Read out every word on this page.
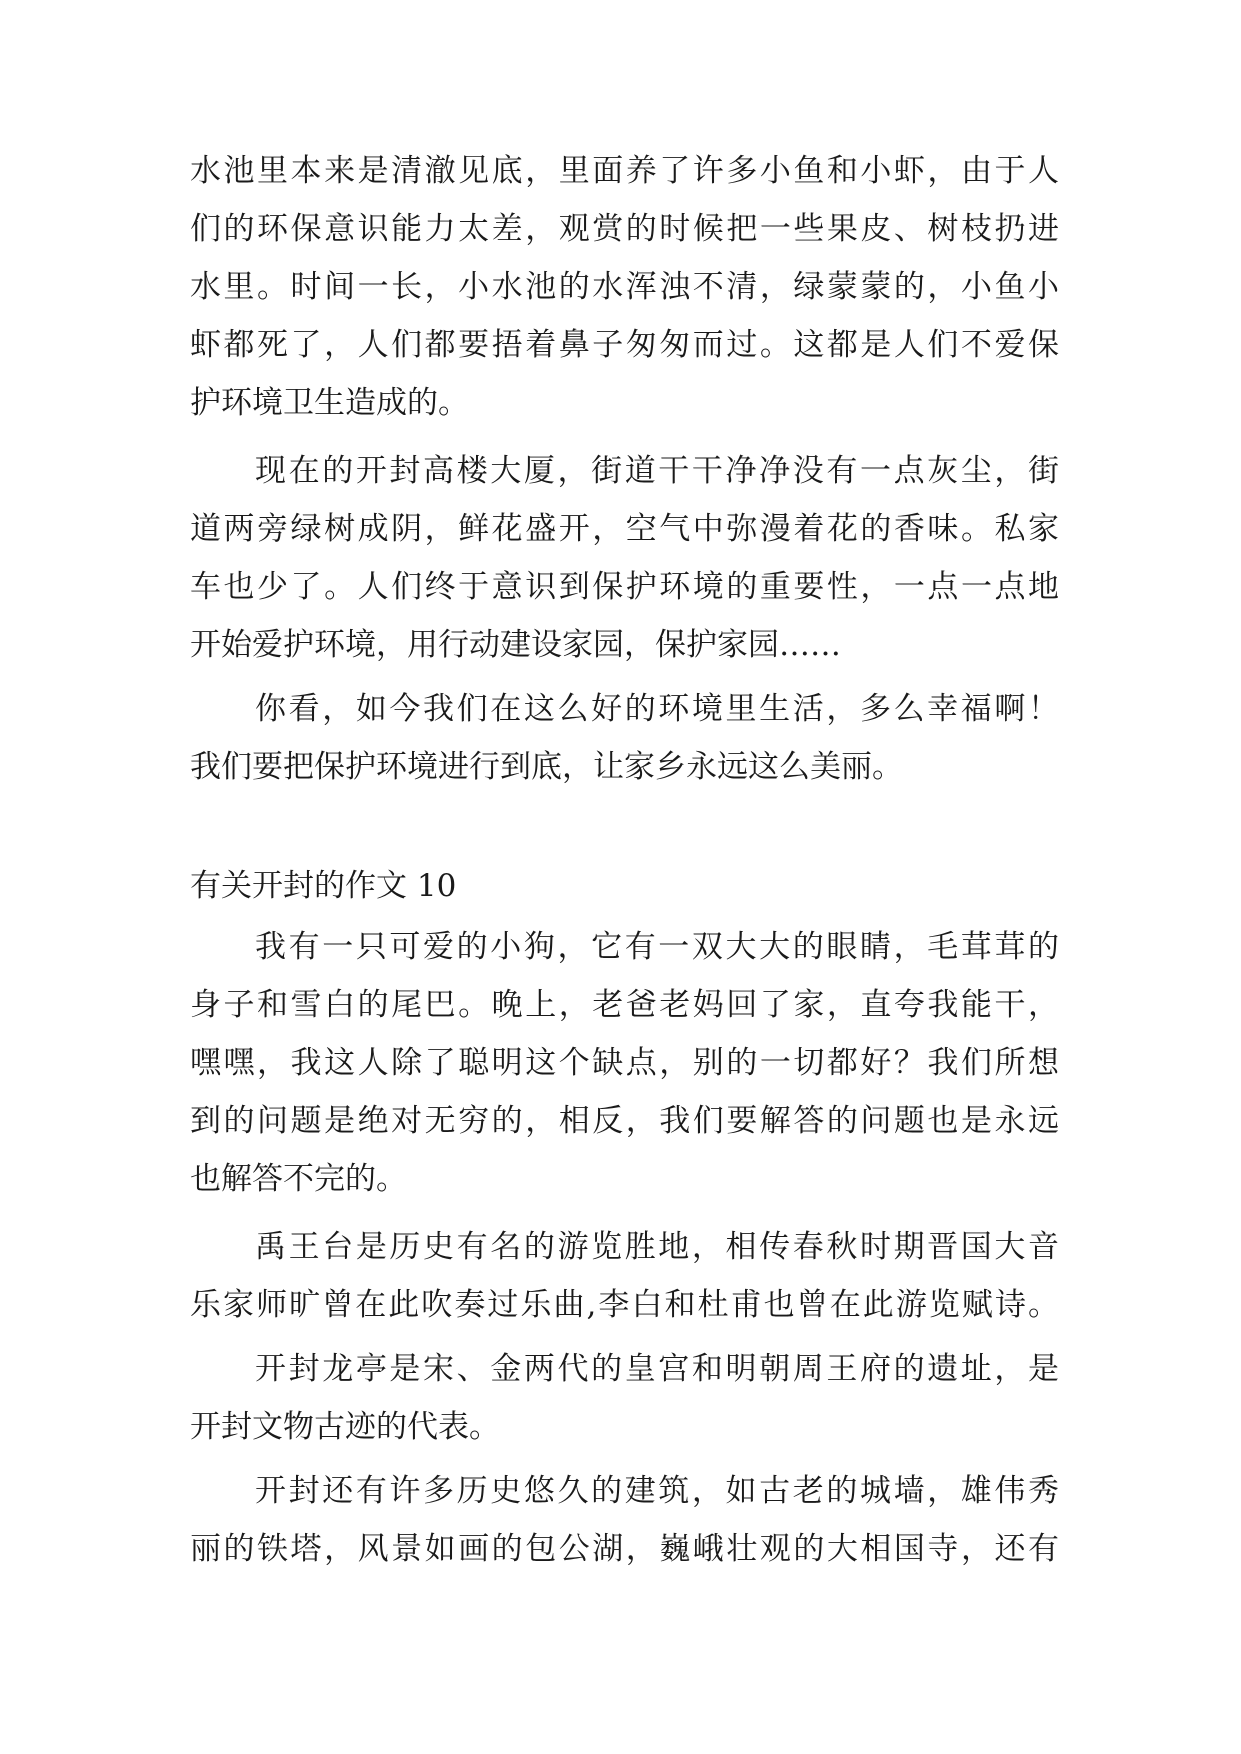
水池里本来是清澈见底，里面养了许多小鱼和小虾，由于人
们的环保意识能力太差，观赏的时候把一些果皮、树枝扔进
水里。时间一长，小水池的水浑浊不清，绿蒙蒙的，小鱼小
虾都死了，人们都要捂着鼻子匆匆而过。这都是人们不爱保
护环境卫生造成的。
现在的开封高楼大厦，街道干干净净没有一点灰尘，街
道两旁绿树成阴，鲜花盛开，空气中弥漫着花的香味。私家
车也少了。人们终于意识到保护环境的重要性，一点一点地
开始爱护环境，用行动建设家园，保护家园……
你看，如今我们在这么好的环境里生活，多么幸福啊！
我们要把保护环境进行到底，让家乡永远这么美丽。
有关开封的作文 10
我有一只可爱的小狗，它有一双大大的眼睛，毛茸茸的
身子和雪白的尾巴。晚上，老爸老妈回了家，直夸我能干，
嘿嘿，我这人除了聪明这个缺点，别的一切都好？我们所想
到的问题是绝对无穷的，相反，我们要解答的问题也是永远
也解答不完的。
禹王台是历史有名的游览胜地，相传春秋时期晋国大音
乐家师旷曾在此吹奏过乐曲,李白和杜甫也曾在此游览赋诗。
开封龙亭是宋、金两代的皇宫和明朝周王府的遗址，是
开封文物古迹的代表。
开封还有许多历史悠久的建筑，如古老的城墙，雄伟秀
丽的铁塔，风景如画的包公湖，巍峨壮观的大相国寺，还有
